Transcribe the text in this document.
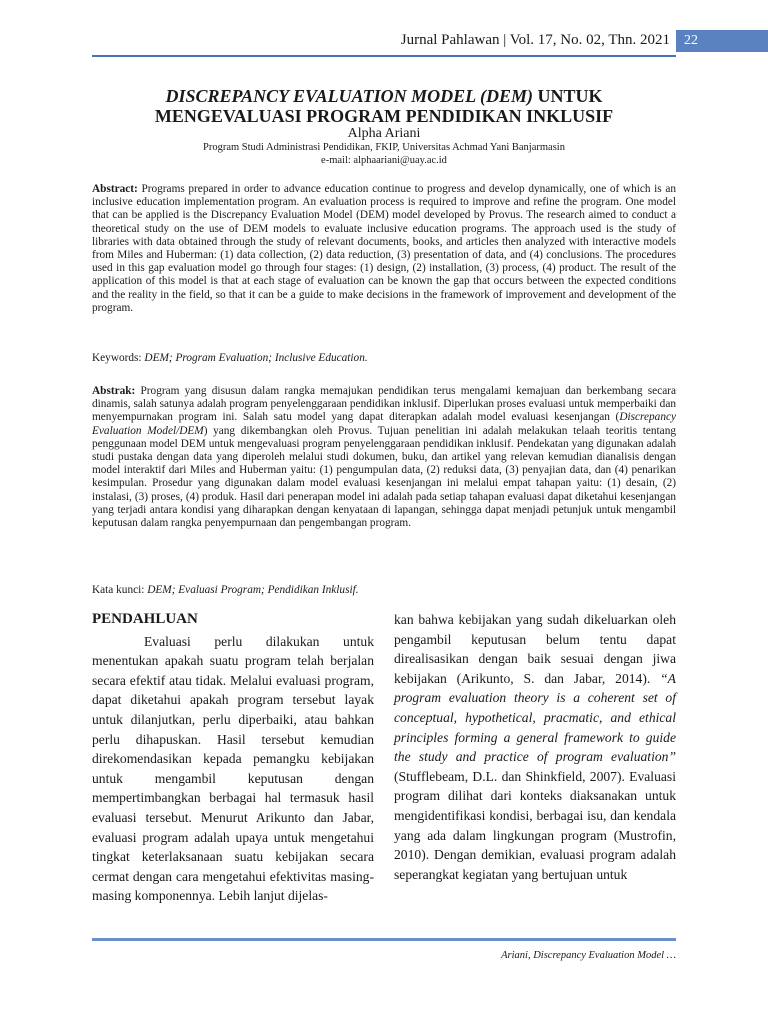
Jurnal Pahlawan | Vol. 17, No. 02, Thn. 2021	22
DISCREPANCY EVALUATION MODEL (DEM) UNTUK
MENGEVALUASI PROGRAM PENDIDIKAN INKLUSIF
Alpha Ariani
Program Studi Administrasi Pendidikan, FKIP, Universitas Achmad Yani Banjarmasin
e-mail: alphaariani@uay.ac.id
Abstract: Programs prepared in order to advance education continue to progress and develop dynamically, one of which is an inclusive education implementation program. An evaluation process is required to improve and refine the program. One model that can be applied is the Discrepancy Evaluation Model (DEM) model developed by Provus. The research aimed to conduct a theoretical study on the use of DEM models to evaluate inclusive education programs. The approach used is the study of libraries with data obtained through the study of relevant documents, books, and articles then analyzed with interactive models from Miles and Huberman: (1) data collection, (2) data reduction, (3) presentation of data, and (4) conclusions. The procedures used in this gap evaluation model go through four stages: (1) design, (2) installation, (3) process, (4) product. The result of the application of this model is that at each stage of evaluation can be known the gap that occurs between the expected conditions and the reality in the field, so that it can be a guide to make decisions in the framework of improvement and development of the program.
Keywords: DEM; Program Evaluation; Inclusive Education.
Abstrak: Program yang disusun dalam rangka memajukan pendidikan terus mengalami kemajuan dan berkembang secara dinamis, salah satunya adalah program penyelenggaraan pendidikan inklusif. Diperlukan proses evaluasi untuk memperbaiki dan menyempurnakan program ini. Salah satu model yang dapat diterapkan adalah model evaluasi kesenjangan (Discrepancy Evaluation Model/DEM) yang dikembangkan oleh Provus. Tujuan penelitian ini adalah melakukan telaah teoritis tentang penggunaan model DEM untuk mengevaluasi program penyelenggaraan pendidikan inklusif. Pendekatan yang digunakan adalah studi pustaka dengan data yang diperoleh melalui studi dokumen, buku, dan artikel yang relevan kemudian dianalisis dengan model interaktif dari Miles and Huberman yaitu: (1) pengumpulan data, (2) reduksi data, (3) penyajian data, dan (4) penarikan kesimpulan. Prosedur yang digunakan dalam model evaluasi kesenjangan ini melalui empat tahapan yaitu: (1) desain, (2) instalasi, (3) proses, (4) produk. Hasil dari penerapan model ini adalah pada setiap tahapan evaluasi dapat diketahui kesenjangan yang terjadi antara kondisi yang diharapkan dengan kenyataan di lapangan, sehingga dapat menjadi petunjuk untuk mengambil keputusan dalam rangka penyempurnaan dan pengembangan program.
Kata kunci: DEM; Evaluasi Program; Pendidikan Inklusif.
PENDAHLUAN
Evaluasi perlu dilakukan untuk menentukan apakah suatu program telah berjalan secara efektif atau tidak. Melalui evaluasi program, dapat diketahui apakah program tersebut layak untuk dilanjutkan, perlu diperbaiki, atau bahkan perlu dihapuskan. Hasil tersebut kemudian direkomendasikan kepada pemangku kebijakan untuk mengambil keputusan dengan mempertimbangkan berbagai hal termasuk hasil evaluasi tersebut. Menurut Arikunto dan Jabar, evaluasi program adalah upaya untuk mengetahui tingkat keterlaksanaan suatu kebijakan secara cermat dengan cara mengetahui efektivitas masing-masing komponennya. Lebih lanjut dijelas-
kan bahwa kebijakan yang sudah dikeluarkan oleh pengambil keputusan belum tentu dapat direalisasikan dengan baik sesuai dengan jiwa kebijakan (Arikunto, S. dan Jabar, 2014). “A program evaluation theory is a coherent set of conceptual, hypothetical, pracmatic, and ethical principles forming a general framework to guide the study and practice of program evaluation” (Stufflebeam, D.L. dan Shinkfield, 2007). Evaluasi program dilihat dari konteks diaksanakan untuk mengidentifikasi kondisi, berbagai isu, dan kendala yang ada dalam lingkungan program (Mustrofin, 2010). Dengan demikian, evaluasi program adalah seperangkat kegiatan yang bertujuan untuk
Ariani, Discrepancy Evaluation Model …
